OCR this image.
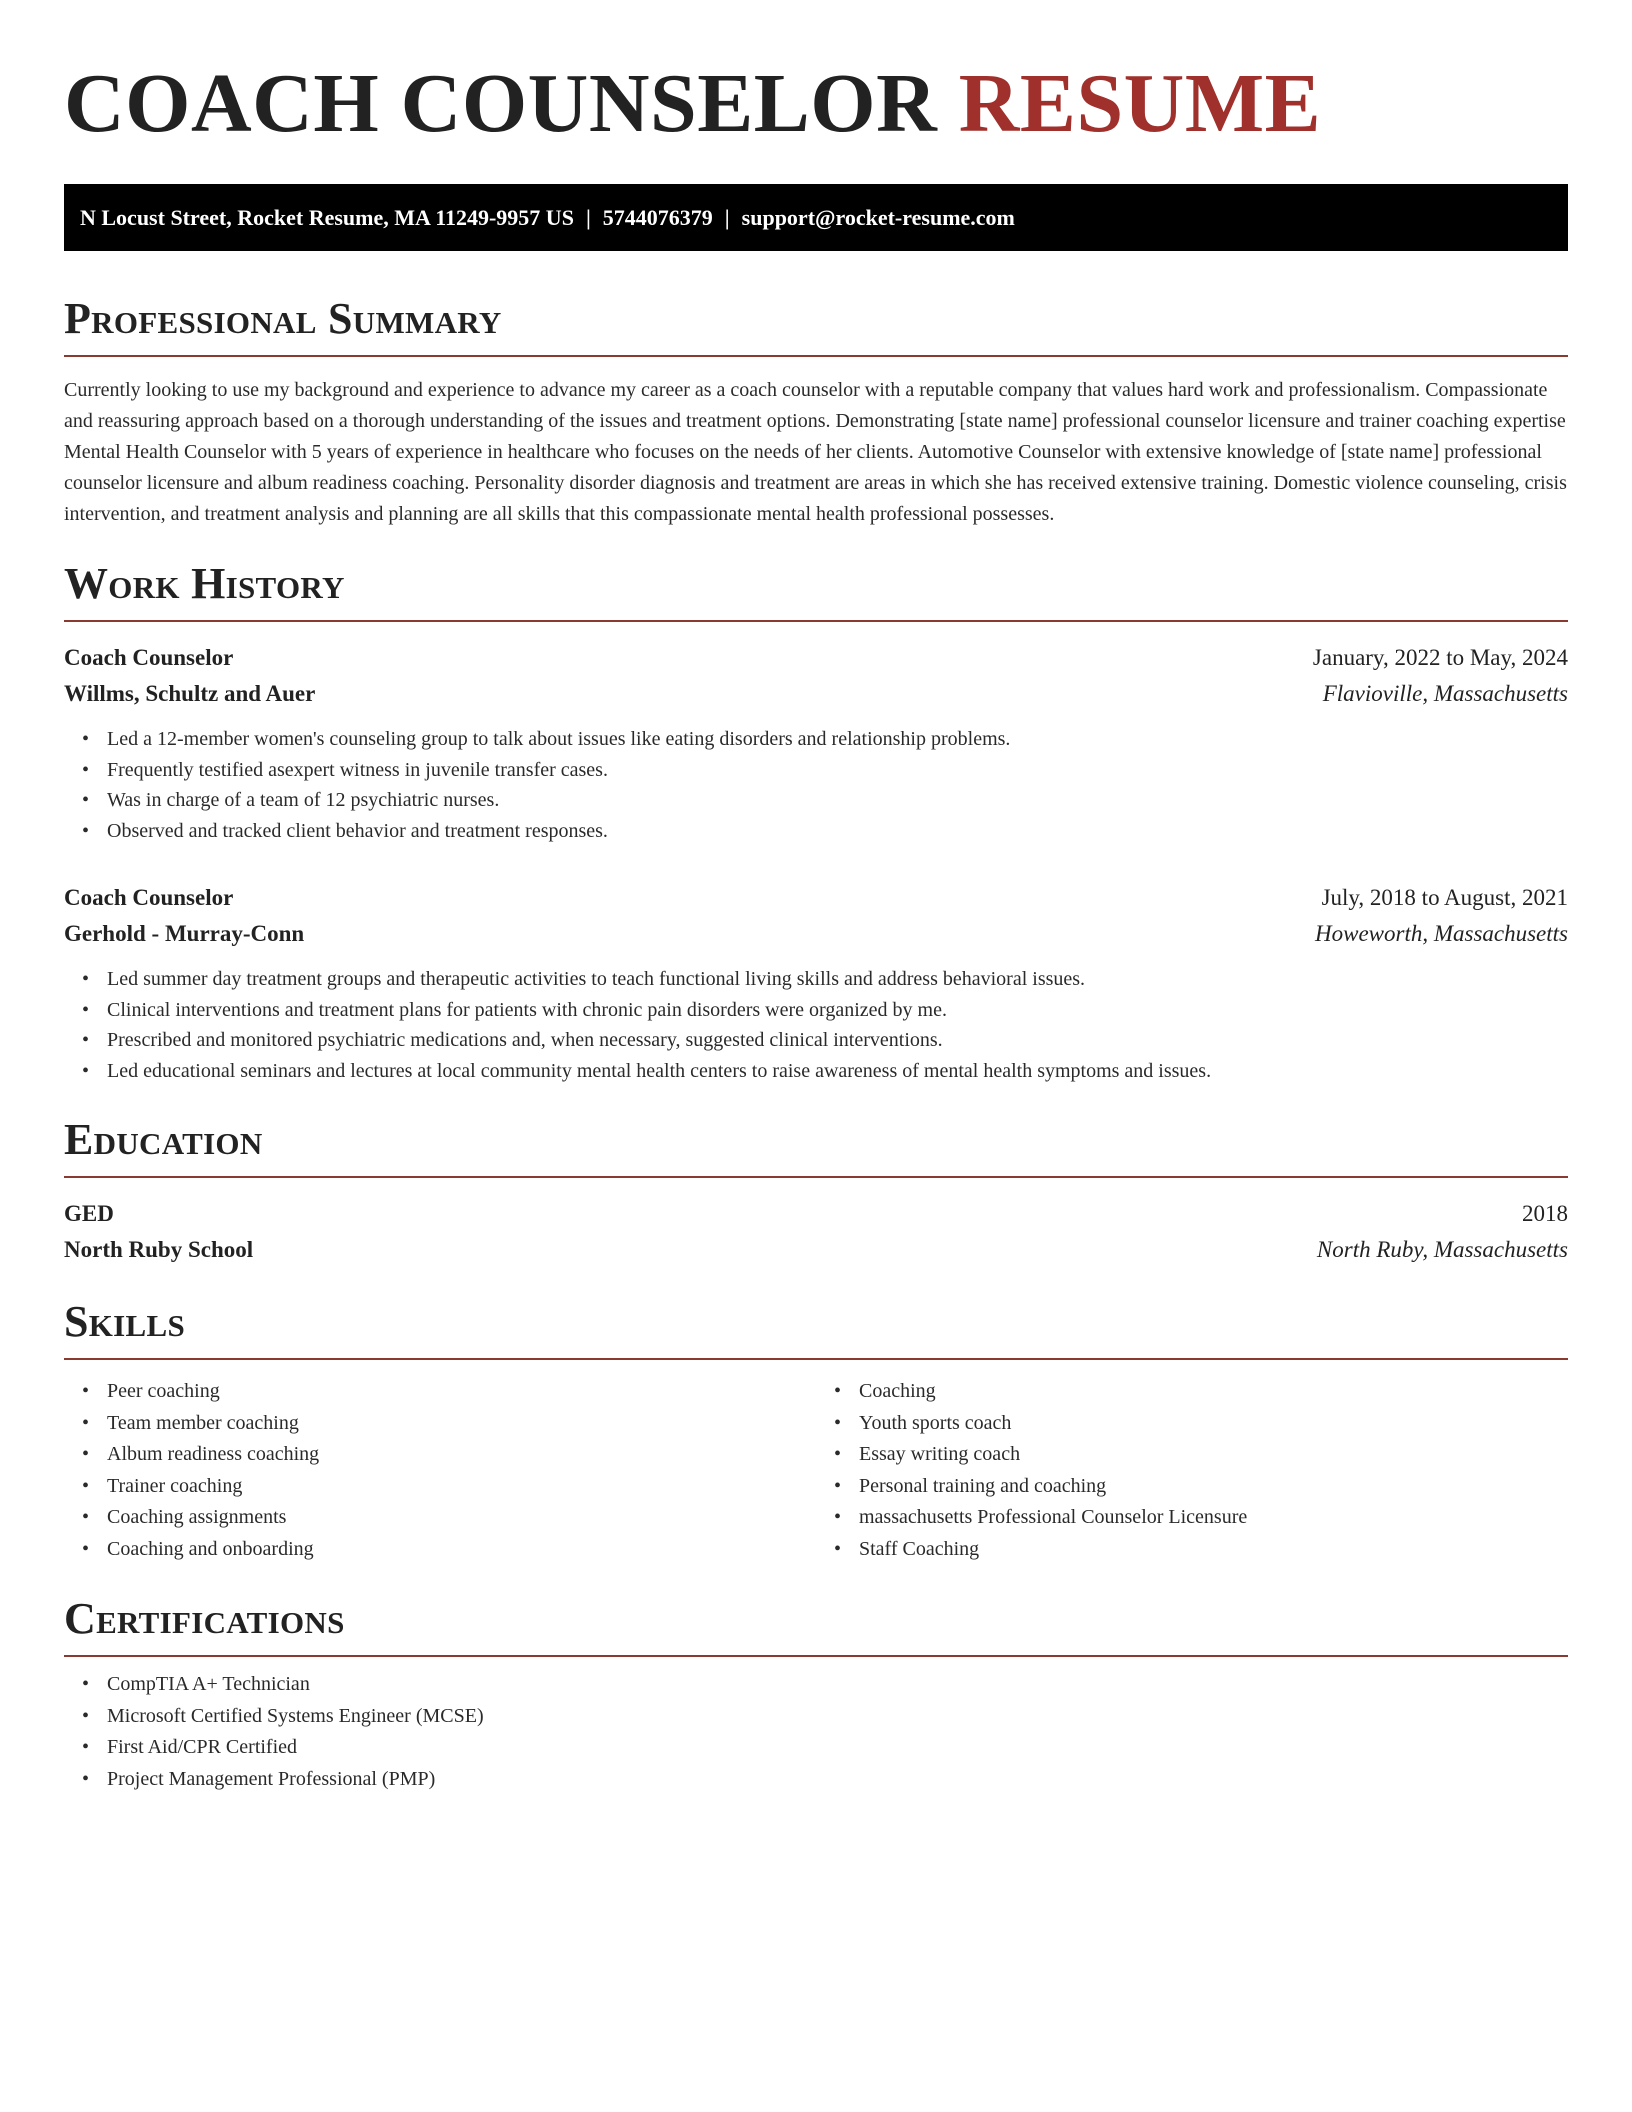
COACH COUNSELOR RESUME
N Locust Street, Rocket Resume, MA 11249-9957 US | 5744076379 | support@rocket-resume.com
Professional Summary

Currently looking to use my background and experience to advance my career as a coach counselor with a reputable company that values hard work and professionalism. Compassionate and reassuring approach based on a thorough understanding of the issues and treatment options. Demonstrating [state name] professional counselor licensure and trainer coaching expertise Mental Health Counselor with 5 years of experience in healthcare who focuses on the needs of her clients. Automotive Counselor with extensive knowledge of [state name] professional counselor licensure and album readiness coaching. Personality disorder diagnosis and treatment are areas in which she has received extensive training. Domestic violence counseling, crisis intervention, and treatment analysis and planning are all skills that this compassionate mental health professional possesses.

Work History
Coach Counselor	January, 2022 to May, 2024
Willms, Schultz and Auer	Flavioville, Massachusetts
• Led a 12-member women's counseling group to talk about issues like eating disorders and relationship problems.
• Frequently testified asexpert witness in juvenile transfer cases.
• Was in charge of a team of 12 psychiatric nurses.
• Observed and tracked client behavior and treatment responses.
Coach Counselor	July, 2018 to August, 2021
Gerhold - Murray-Conn	Howeworth, Massachusetts
• Led summer day treatment groups and therapeutic activities to teach functional living skills and address behavioral issues.
• Clinical interventions and treatment plans for patients with chronic pain disorders were organized by me.
• Prescribed and monitored psychiatric medications and, when necessary, suggested clinical interventions.
• Led educational seminars and lectures at local community mental health centers to raise awareness of mental health symptoms and issues.
Education
GED	2018
North Ruby School	North Ruby, Massachusetts
Skills
• Peer coaching
• Team member coaching
• Album readiness coaching
• Trainer coaching
• Coaching assignments
• Coaching and onboarding
• Coaching
• Youth sports coach
• Essay writing coach
• Personal training and coaching
• massachusetts Professional Counselor Licensure
• Staff Coaching
Certifications
• CompTIA A+ Technician
• Microsoft Certified Systems Engineer (MCSE)
• First Aid/CPR Certified
• Project Management Professional (PMP)
